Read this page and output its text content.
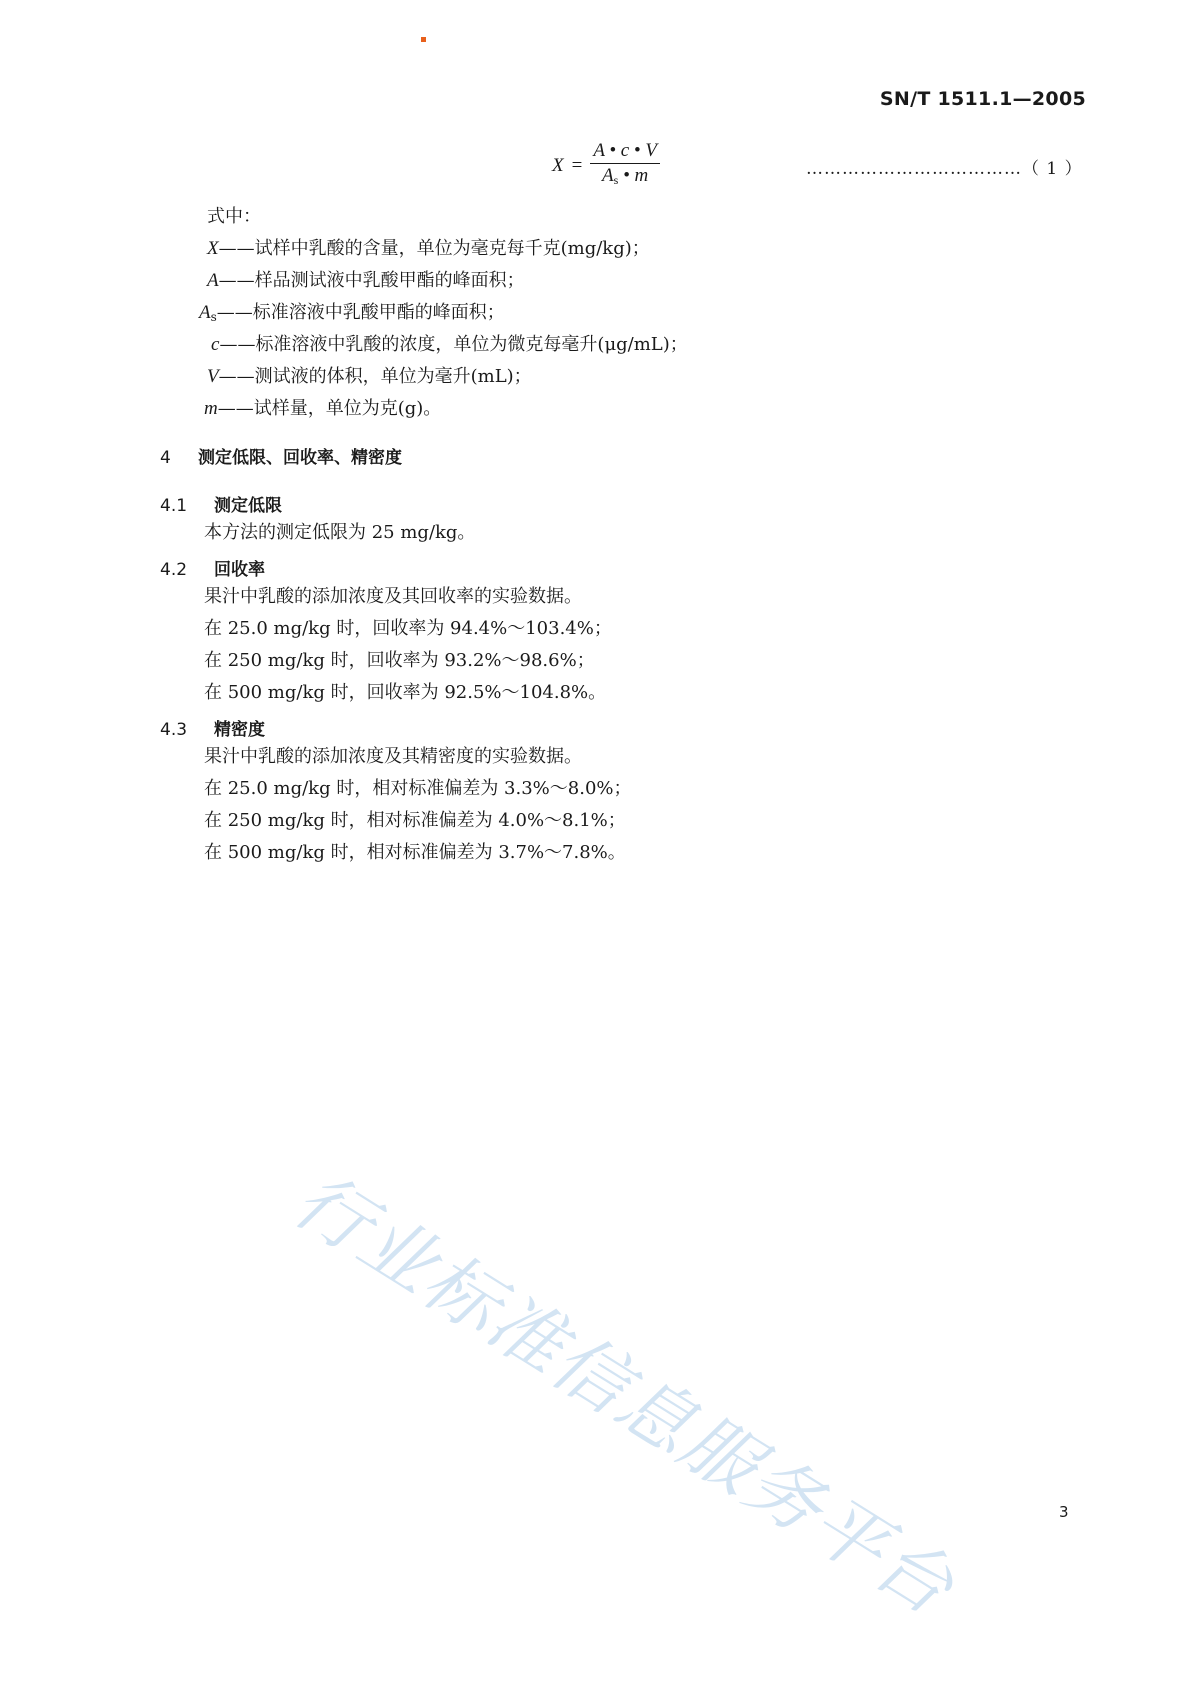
SN/T 1511.1—2005
$X = \frac{A • c • V}{As • m}$	………………………………（ 1 ）
式中：
X——试样中乳酸的含量，单位为毫克每千克(mg/kg)；
A——样品测试液中乳酸甲酯的峰面积；
As——标准溶液中乳酸甲酯的峰面积；
c——标准溶液中乳酸的浓度，单位为微克每毫升(μg/mL)；
V——测试液的体积，单位为毫升(mL)；
m——试样量，单位为克(g)。
4 测定低限、回收率、精密度
4.1 测定低限
本方法的测定低限为 25 mg/kg。
4.2 回收率
果汁中乳酸的添加浓度及其回收率的实验数据。
在 25.0 mg/kg 时，回收率为 94.4%～103.4%；
在 250 mg/kg 时，回收率为 93.2%～98.6%；
在 500 mg/kg 时，回收率为 92.5%～104.8%。
4.3 精密度
果汁中乳酸的添加浓度及其精密度的实验数据。
在 25.0 mg/kg 时，相对标准偏差为 3.3%～8.0%；
在 250 mg/kg 时，相对标准偏差为 4.0%～8.1%；
在 500 mg/kg 时，相对标准偏差为 3.7%～7.8%。
行业标准信息服务平台	3
